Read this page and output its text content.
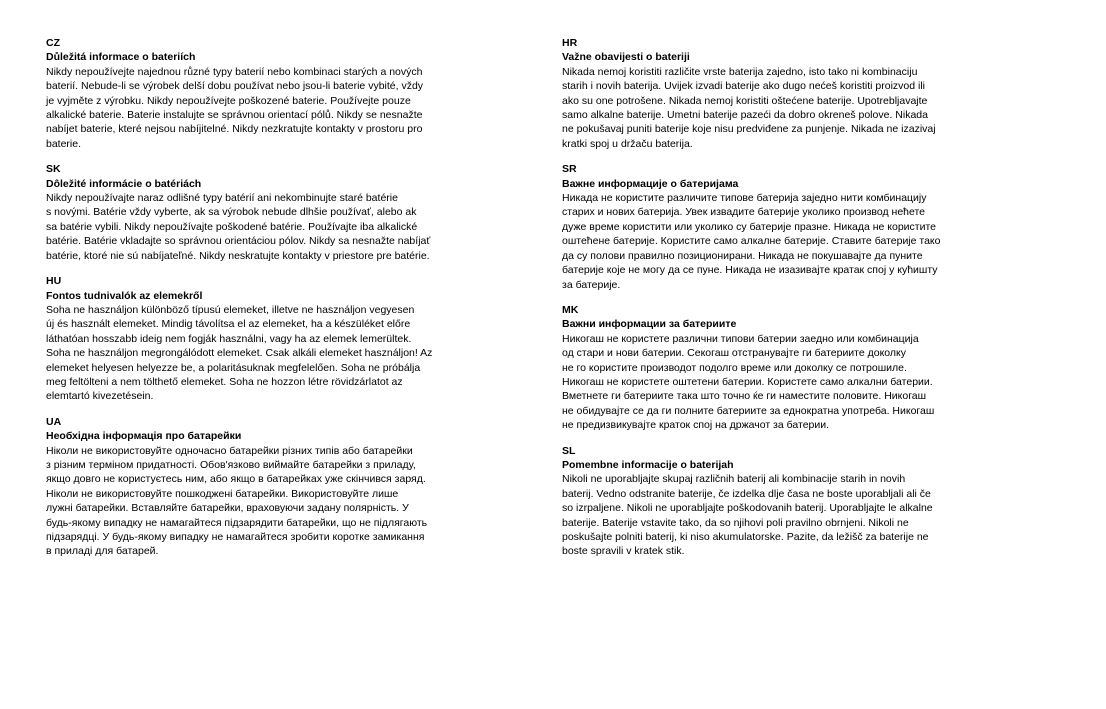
CZ

Důležitá informace o bateriích

Nikdy nepoužívejte najednou různé typy baterií nebo kombinaci starých a nových
baterií. Nebude-li se výrobek delší dobu používat nebo jsou-li baterie vybité, vždy
je vyjměte z výrobku. Nikdy nepoužívejte poškozené baterie. Používejte pouze
alkalické baterie. Baterie instalujte se správnou orientací pólů. Nikdy se nesnažte
nabíjet baterie, které nejsou nabíjitelné. Nikdy nezkratujte kontakty v prostoru pro
baterie.

SK

Dôležité informácie o batériách

Nikdy nepoužívajte naraz odlišné typy batérií ani nekombinujte staré batérie
s novými. Batérie vždy vyberte, ak sa výrobok nebude dlhšie používať, alebo ak
sa batérie vybili. Nikdy nepoužívajte poškodené batérie. Používajte iba alkalické
batérie. Batérie vkladajte so správnou orientáciou pólov. Nikdy sa nesnažte nabíjať
batérie, ktoré nie sú nabíjateľné. Nikdy neskratujte kontakty v priestore pre batérie.

HU

Fontos tudnivalók az elemekről

Soha ne használjon különböző típusú elemeket, illetve ne használjon vegyesen
új és használt elemeket. Mindig távolítsa el az elemeket, ha a készüléket előre
láthatóan hosszabb ideig nem fogják használni, vagy ha az elemek lemerültek.
Soha ne használjon megrongálódott elemeket. Csak alkáli elemeket használjon! Az
elemeket helyesen helyezze be, a polaritásuknak megfelelően. Soha ne próbálja
meg feltölteni a nem tölthető elemeket. Soha ne hozzon létre rövidzárlatot az
elemtartó kivezetésein.

UA

Необхідна інформація про батарейки

Ніколи не використовуйте одночасно батарейки різних типів або батарейки
з різним терміном придатності. Обов'язково виймайте батарейки з приладу,
якщо довго не користуєтесь ним, або якщо в батарейках уже скінчився заряд.
Ніколи не використовуйте пошкоджені батарейки. Використовуйте лише
лужні батарейки. Вставляйте батарейки, враховуючи задану полярність. У
будь-якому випадку не намагайтеся підзарядити батарейки, що не підлягають
підзарядці. У будь-якому випадку не намагайтеся зробити коротке замикання
в приладі для батарей.

HR

Važne obavijesti o bateriji

Nikada nemoj koristiti različite vrste baterija zajedno, isto tako ni kombinaciju
starih i novih baterija. Uvijek izvadi baterije ako dugo nećeš koristiti proizvod ili
ako su one potrošene. Nikada nemoj koristiti oštećene baterije. Upotrebljavajte
samo alkalne baterije. Umetni baterije pazeći da dobro okreneš polove. Nikada
ne pokušavaj puniti baterije koje nisu predviđene za punjenje. Nikada ne izazivaj
kratki spoj u držaču baterija.

SR

Важне информације о батеријама

Никада не користите различите типове батерија заједно нити комбинацију
старих и нових батерија. Увек извадите батерије уколико производ нећете
дуже време користити или уколико су батерије празне. Никада не користите
оштећене батерије. Користите само алкалне батерије. Ставите батерије тако
да су полови правилно позиционирани. Никада не покушавајте да пуните
батерије које не могу да се пуне. Никада не изазивајте кратак спој у кућишту
за батерије.

MK

Важни информации за батериите

Никогаш не користете различни типови батерии заедно или комбинација
од стари и нови батерии. Секогаш отстранувајте ги батериите доколку
не го користите производот подолго време или доколку се потрошиле.
Никогаш не користете оштетени батерии. Користете само алкални батерии.
Вметнете ги батериите така што точно ќе ги наместите половите. Никогаш
не обидувајте се да ги полните батериите за еднократна употреба. Никогаш
не предизвикувајте краток спој на држачот за батерии.

SL

Pomembne informacije o baterijah

Nikoli ne uporabljajte skupaj različnih baterij ali kombinacije starih in novih
baterij. Vedno odstranite baterije, če izdelka dlje časa ne boste uporabljali ali če
so izrpaljene. Nikoli ne uporabljajte poškodovanih baterij. Uporabljajte le alkalne
baterije. Baterije vstavite tako, da so njihovi poli pravilno obrnjeni. Nikoli ne
poskušajte polniti baterij, ki niso akumulatorske. Pazite, da ležišč za baterije ne
boste spravili v kratek stik.
